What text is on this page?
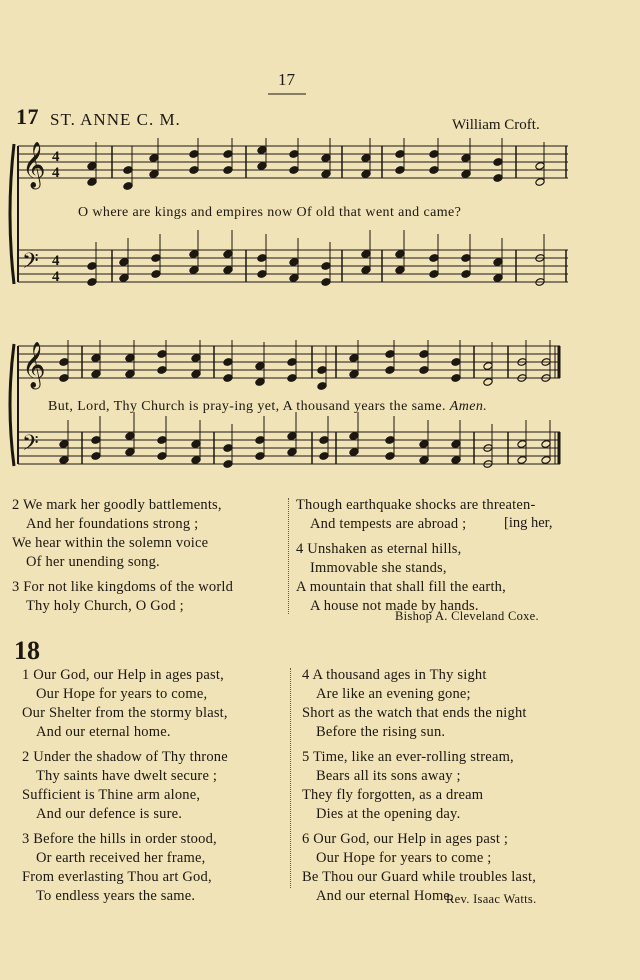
17
17 ST. ANNE C. M.	William Croft.
𝄞
𝄢
4
4
4
4
O where are kings and empires now Of old that went and came?
𝄞
𝄢
But, Lord, Thy Church is pray-ing yet, A thousand years the same. Amen.
2 We mark her goodly battlements,
And her foundations strong ;
We hear within the solemn voice
Of her unending song.
3 For not like kingdoms of the world
Thy holy Church, O God ;
Though earthquake shocks are threaten-
And tempests are abroad ;
4 Unshaken as eternal hills,
Immovable she stands,
A mountain that shall fill the earth,
A house not made by hands.
[ing her,
Bishop A. Cleveland Coxe.
18
1 Our God, our Help in ages past,
Our Hope for years to come,
Our Shelter from the stormy blast,
And our eternal home.
2 Under the shadow of Thy throne
Thy saints have dwelt secure ;
Sufficient is Thine arm alone,
And our defence is sure.
3 Before the hills in order stood,
Or earth received her frame,
From everlasting Thou art God,
To endless years the same.
4 A thousand ages in Thy sight
Are like an evening gone;
Short as the watch that ends the night
Before the rising sun.
5 Time, like an ever-rolling stream,
Bears all its sons away ;
They fly forgotten, as a dream
Dies at the opening day.
6 Our God, our Help in ages past ;
Our Hope for years to come ;
Be Thou our Guard while troubles last,
And our eternal Home.
Rev. Isaac Watts.
